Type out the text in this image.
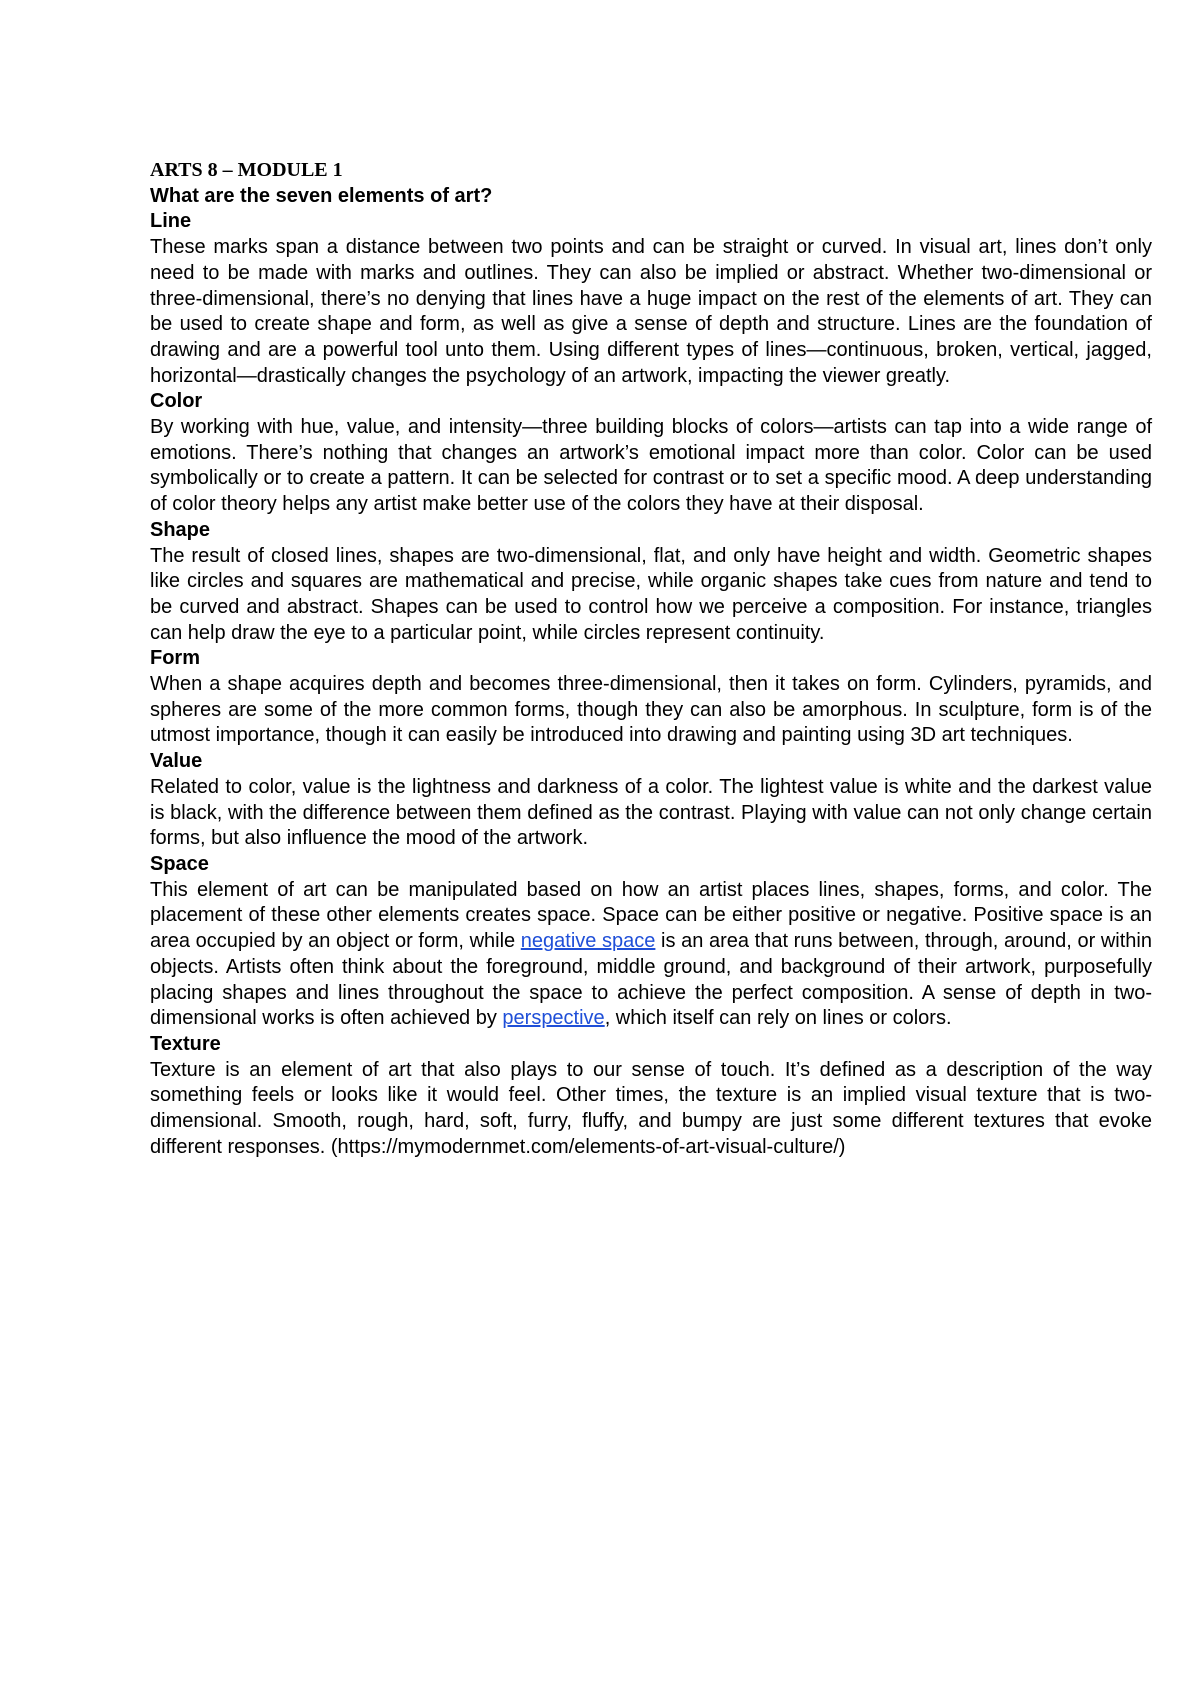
ARTS 8 – MODULE 1

What are the seven elements of art?

Line

These marks span a distance between two points and can be straight or curved. In visual art, lines don’t only need to be made with marks and outlines. They can also be implied or abstract. Whether two-dimensional or three-dimensional, there’s no denying that lines have a huge impact on the rest of the elements of art. They can be used to create shape and form, as well as give a sense of depth and structure. Lines are the foundation of drawing and are a powerful tool unto them. Using different types of lines—continuous, broken, vertical, jagged, horizontal—drastically changes the psychology of an artwork, impacting the viewer greatly.

Color

By working with hue, value, and intensity—three building blocks of colors—artists can tap into a wide range of emotions. There’s nothing that changes an artwork’s emotional impact more than color. Color can be used symbolically or to create a pattern. It can be selected for contrast or to set a specific mood. A deep understanding of color theory helps any artist make better use of the colors they have at their disposal.

Shape

The result of closed lines, shapes are two-dimensional, flat, and only have height and width. Geometric shapes like circles and squares are mathematical and precise, while organic shapes take cues from nature and tend to be curved and abstract. Shapes can be used to control how we perceive a composition. For instance, triangles can help draw the eye to a particular point, while circles represent continuity.

Form

When a shape acquires depth and becomes three-dimensional, then it takes on form. Cylinders, pyramids, and spheres are some of the more common forms, though they can also be amorphous. In sculpture, form is of the utmost importance, though it can easily be introduced into drawing and painting using 3D art techniques.

Value

Related to color, value is the lightness and darkness of a color. The lightest value is white and the darkest value is black, with the difference between them defined as the contrast. Playing with value can not only change certain forms, but also influence the mood of the artwork.

Space

This element of art can be manipulated based on how an artist places lines, shapes, forms, and color. The placement of these other elements creates space. Space can be either positive or negative. Positive space is an area occupied by an object or form, while negative space is an area that runs between, through, around, or within objects. Artists often think about the foreground, middle ground, and background of their artwork, purposefully placing shapes and lines throughout the space to achieve the perfect composition. A sense of depth in two-dimensional works is often achieved by perspective, which itself can rely on lines or colors.

Texture

Texture is an element of art that also plays to our sense of touch. It’s defined as a description of the way something feels or looks like it would feel. Other times, the texture is an implied visual texture that is two-dimensional. Smooth, rough, hard, soft, furry, fluffy, and bumpy are just some different textures that evoke different responses. (https://mymodernmet.com/elements-of-art-visual-culture/)
